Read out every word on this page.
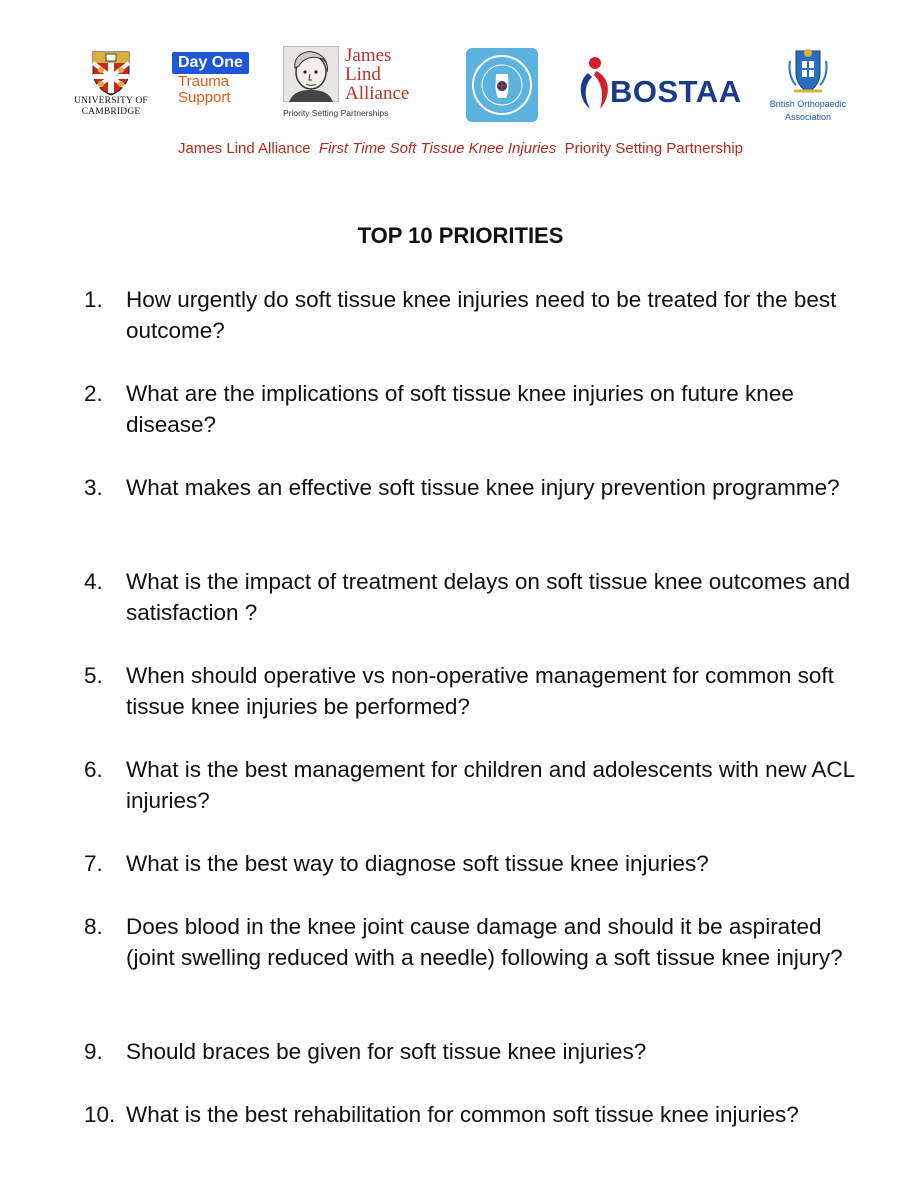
UNIVERSITY OF
CAMBRIDGE
Day One
Trauma
Support
James
Lind
Alliance
Priority Setting Partnerships
BOSTAA	British Orthopaedic
Association
James Lind Alliance First Time Soft Tissue Knee Injuries Priority Setting Partnership
TOP 10 PRIORITIES
1.	How urgently do soft tissue knee injuries need to be treated for the best outcome?
2.	What are the implications of soft tissue knee injuries on future knee disease?
3.	What makes an effective soft tissue knee injury prevention programme?
4.	What is the impact of treatment delays on soft tissue knee outcomes and satisfaction ?
5.	When should operative vs non-operative management for common soft tissue knee injuries be performed?
6.	What is the best management for children and adolescents with new ACL injuries?
7.	What is the best way to diagnose soft tissue knee injuries?
8.	Does blood in the knee joint cause damage and should it be aspirated (joint swelling reduced with a needle) following a soft tissue knee injury?
9.	Should braces be given for soft tissue knee injuries?
10. What is the best rehabilitation for common soft tissue knee injuries?
